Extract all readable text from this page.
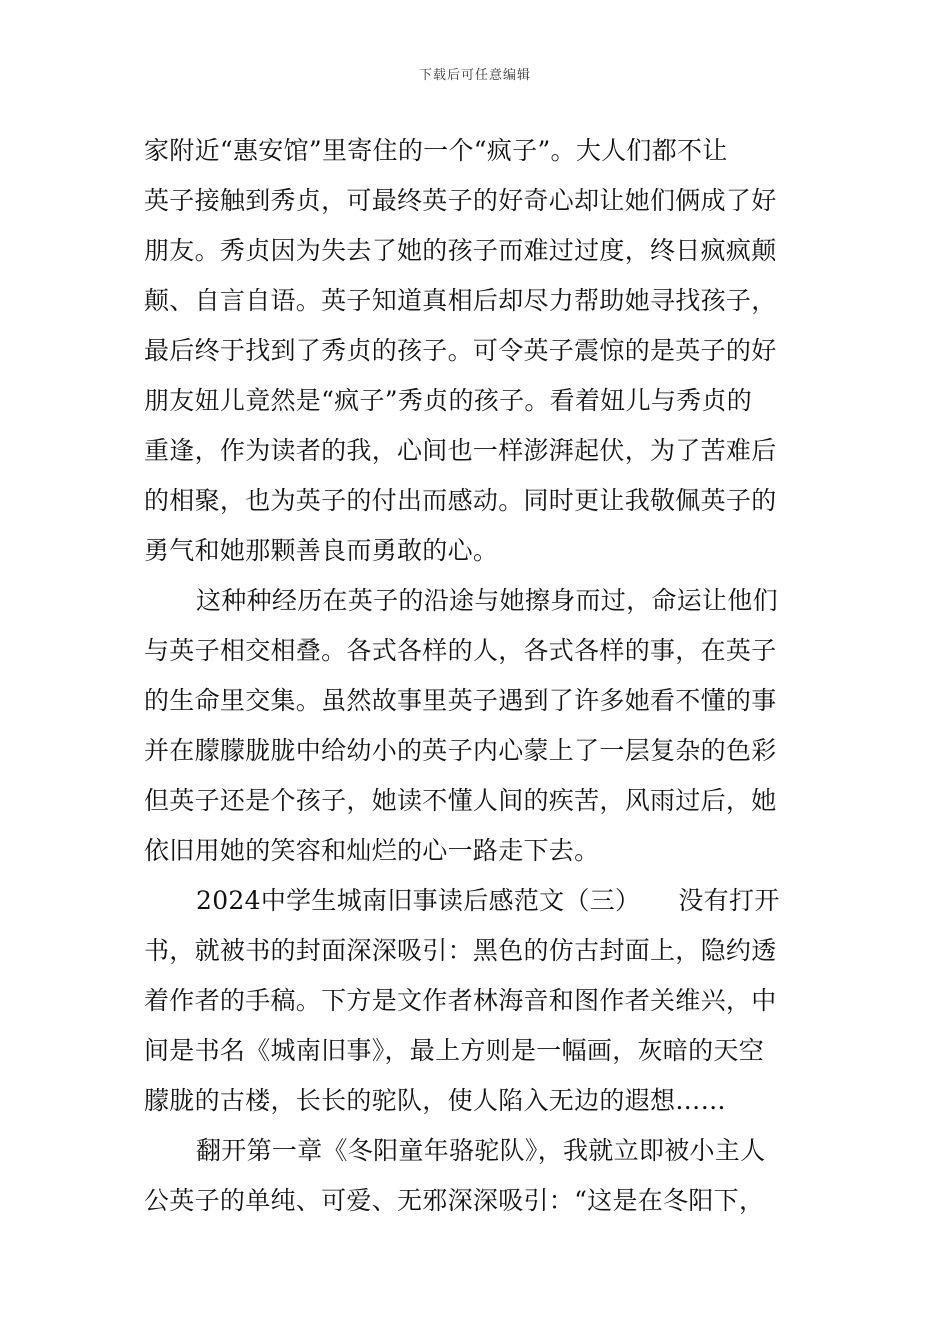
下载后可任意编辑
家附近“惠安馆”里寄住的一个“疯子”。大人们都不让
英子接触到秀贞，可最终英子的好奇心却让她们俩成了好
朋友。秀贞因为失去了她的孩子而难过过度，终日疯疯颠
颠、自言自语。英子知道真相后却尽力帮助她寻找孩子，
最后终于找到了秀贞的孩子。可令英子震惊的是英子的好
朋友妞儿竟然是“疯子”秀贞的孩子。看着妞儿与秀贞的
重逢，作为读者的我，心间也一样澎湃起伏，为了苦难后
的相聚，也为英子的付出而感动。同时更让我敬佩英子的
勇气和她那颗善良而勇敢的心。
这种种经历在英子的沿途与她擦身而过，命运让他们
与英子相交相叠。各式各样的人，各式各样的事，在英子
的生命里交集。虽然故事里英子遇到了许多她看不懂的事
并在朦朦胧胧中给幼小的英子内心蒙上了一层复杂的色彩
但英子还是个孩子，她读不懂人间的疾苦，风雨过后，她
依旧用她的笑容和灿烂的心一路走下去。
2024中学生城南旧事读后感范文（三）　　没有打开
书，就被书的封面深深吸引：黑色的仿古封面上，隐约透
着作者的手稿。下方是文作者林海音和图作者关维兴，中
间是书名《城南旧事》，最上方则是一幅画，灰暗的天空
朦胧的古楼，长长的驼队，使人陷入无边的遐想……
翻开第一章《冬阳童年骆驼队》，我就立即被小主人
公英子的单纯、可爱、无邪深深吸引：“这是在冬阳下，
